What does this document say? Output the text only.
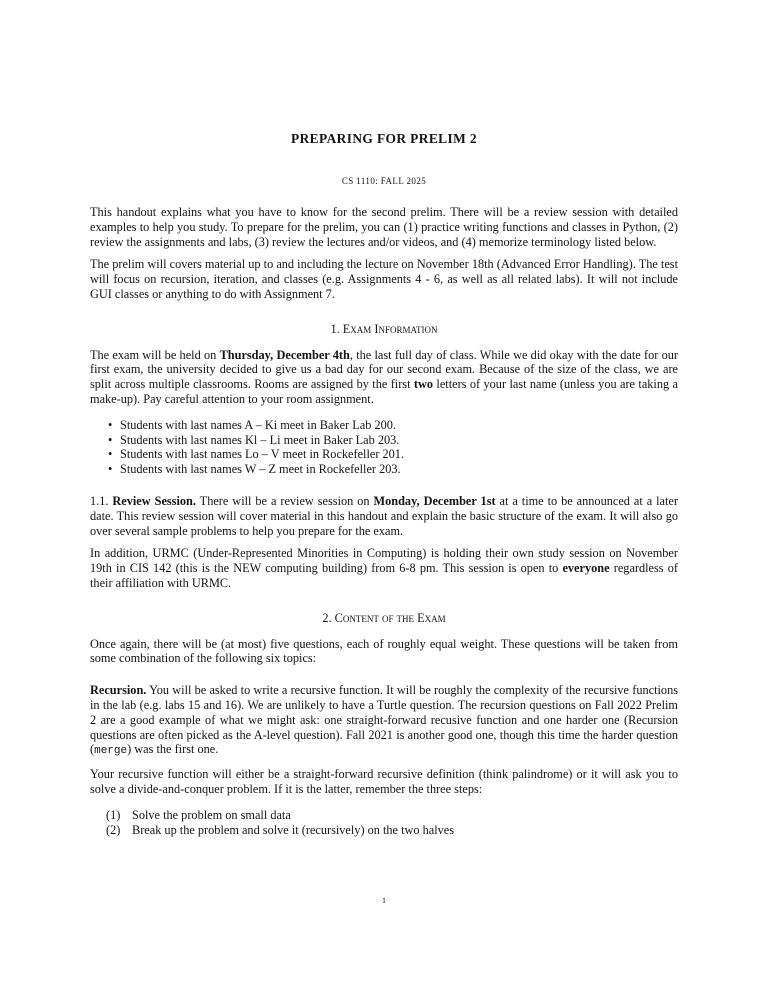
PREPARING FOR PRELIM 2
CS 1110: FALL 2025

This handout explains what you have to know for the second prelim. There will be a review session with detailed examples to help you study. To prepare for the prelim, you can (1) practice writing functions and classes in Python, (2) review the assignments and labs, (3) review the lectures and/or videos, and (4) memorize terminology listed below.

The prelim will covers material up to and including the lecture on November 18th (Advanced Error Handling). The test will focus on recursion, iteration, and classes (e.g. Assignments 4 - 6, as well as all related labs). It will not include GUI classes or anything to do with Assignment 7.

1. Exam Information

The exam will be held on Thursday, December 4th, the last full day of class. While we did okay with the date for our first exam, the university decided to give us a bad day for our second exam. Because of the size of the class, we are split across multiple classrooms. Rooms are assigned by the first two letters of your last name (unless you are taking a make-up). Pay careful attention to your room assignment.

• Students with last names A – Ki meet in Baker Lab 200.
• Students with last names Kl – Li meet in Baker Lab 203.
• Students with last names Lo – V meet in Rockefeller 201.
• Students with last names W – Z meet in Rockefeller 203.

1.1. Review Session. There will be a review session on Monday, December 1st at a time to be announced at a later date. This review session will cover material in this handout and explain the basic structure of the exam. It will also go over several sample problems to help you prepare for the exam.

In addition, URMC (Under-Represented Minorities in Computing) is holding their own study session on November 19th in CIS 142 (this is the NEW computing building) from 6-8 pm. This session is open to everyone regardless of their affiliation with URMC.

2. Content of the Exam

Once again, there will be (at most) five questions, each of roughly equal weight. These questions will be taken from some combination of the following six topics:

Recursion. You will be asked to write a recursive function. It will be roughly the complexity of the recursive functions in the lab (e.g. labs 15 and 16). We are unlikely to have a Turtle question. The recursion questions on Fall 2022 Prelim 2 are a good example of what we might ask: one straight-forward recusive function and one harder one (Recursion questions are often picked as the A-level question). Fall 2021 is another good one, though this time the harder question (merge) was the first one.

Your recursive function will either be a straight-forward recursive definition (think palindrome) or it will ask you to solve a divide-and-conquer problem. If it is the latter, remember the three steps:

(1) Solve the problem on small data
(2) Break up the problem and solve it (recursively) on the two halves
1
